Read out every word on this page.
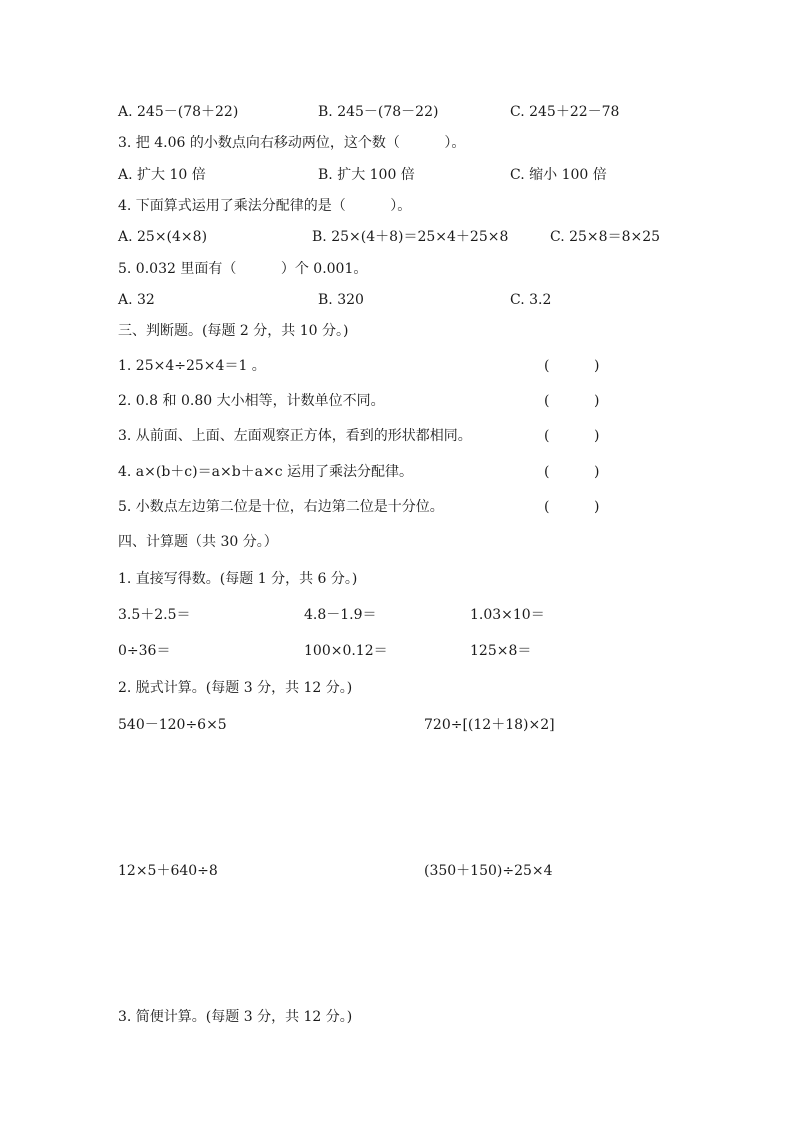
A. 245－(78＋22)	B. 245－(78－22)	C. 245＋22－78
3. 把 4.06 的小数点向右移动两位，这个数（          ）。
A. 扩大 10 倍	B. 扩大 100 倍	C. 缩小 100 倍
4. 下面算式运用了乘法分配律的是（          ）。
A. 25×(4×8)	B. 25×(4＋8)＝25×4＋25×8	C. 25×8＝8×25
5. 0.032 里面有（          ）个 0.001。
A. 32	B. 320	C. 3.2
三、判断题。(每题 2 分，共 10 分。)
1. 25×4÷25×4＝1 。	(          )
2. 0.8 和 0.80 大小相等，计数单位不同。	(          )
3. 从前面、上面、左面观察正方体，看到的形状都相同。	(          )
4. a×(b＋c)＝a×b＋a×c 运用了乘法分配律。	(          )
5. 小数点左边第二位是十位，右边第二位是十分位。	(          )
四、计算题（共 30 分。）
1. 直接写得数。(每题 1 分，共 6 分。)
3.5＋2.5＝	4.8－1.9＝	1.03×10＝
0÷36＝	100×0.12＝	125×8＝
2. 脱式计算。(每题 3 分，共 12 分。)
540－120÷6×5	720÷[(12＋18)×2]
12×5＋640÷8	(350＋150)÷25×4
3. 简便计算。(每题 3 分，共 12 分。)
